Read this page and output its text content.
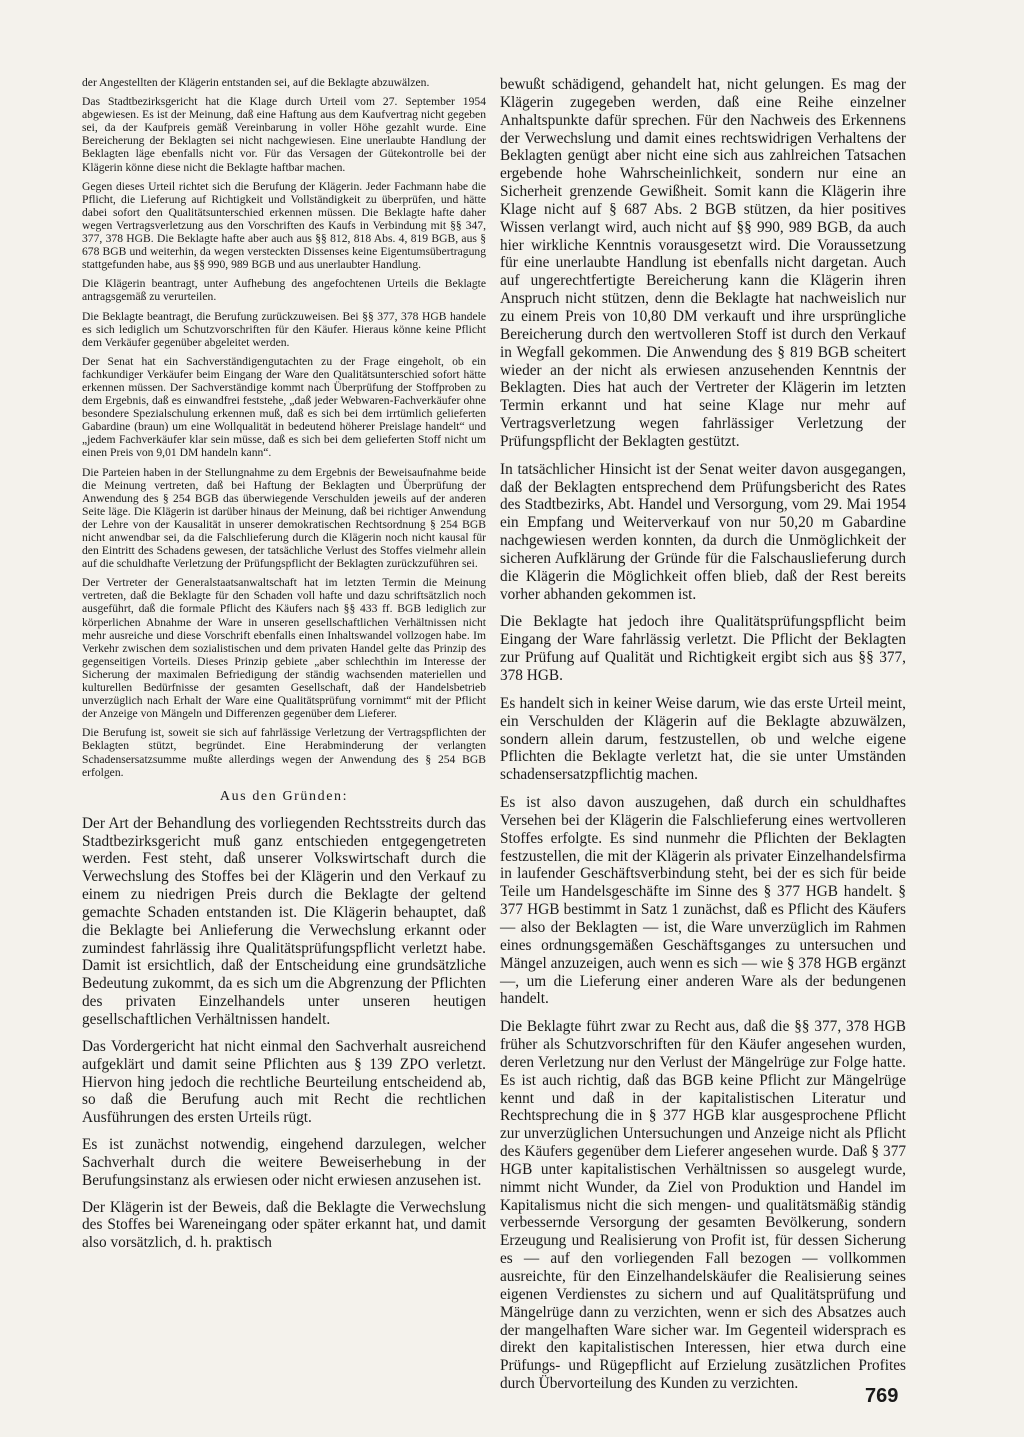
der Angestellten der Klägerin entstanden sei, auf die Beklagte abzuwälzen.

Das Stadtbezirksgericht hat die Klage durch Urteil vom 27. September 1954 abgewiesen. Es ist der Meinung, daß eine Haftung aus dem Kaufvertrag nicht gegeben sei, da der Kaufpreis gemäß Vereinbarung in voller Höhe gezahlt wurde. Eine Bereicherung der Beklagten sei nicht nachgewiesen. Eine unerlaubte Handlung der Beklagten läge ebenfalls nicht vor. Für das Versagen der Gütekontrolle bei der Klägerin könne diese nicht die Beklagte haftbar machen.

Gegen dieses Urteil richtet sich die Berufung der Klägerin. Jeder Fachmann habe die Pflicht, die Lieferung auf Richtigkeit und Vollständigkeit zu überprüfen, und hätte dabei sofort den Qualitätsunterschied erkennen müssen. Die Beklagte hafte daher wegen Vertragsverletzung aus den Vorschriften des Kaufs in Verbindung mit §§ 347, 377, 378 HGB. Die Beklagte hafte aber auch aus §§ 812, 818 Abs. 4, 819 BGB, aus § 678 BGB und weiterhin, da wegen versteckten Dissenses keine Eigentumsübertragung stattgefunden habe, aus §§ 990, 989 BGB und aus unerlaubter Handlung.

Die Klägerin beantragt, unter Aufhebung des angefochtenen Urteils die Beklagte antragsgemäß zu verurteilen.

Die Beklagte beantragt, die Berufung zurückzuweisen. Bei §§ 377, 378 HGB handele es sich lediglich um Schutzvorschriften für den Käufer. Hieraus könne keine Pflicht dem Verkäufer gegenüber abgeleitet werden.

Der Senat hat ein Sachverständigengutachten zu der Frage eingeholt, ob ein fachkundiger Verkäufer beim Eingang der Ware den Qualitätsunterschied sofort hätte erkennen müssen. Der Sachverständige kommt nach Überprüfung der Stoffproben zu dem Ergebnis, daß es einwandfrei feststehe, „daß jeder Webwaren-Fachverkäufer ohne besondere Spezialschulung erkennen muß, daß es sich bei dem irrtümlich gelieferten Gabardine (braun) um eine Wollqualität in bedeutend höherer Preislage handelt“ und „jedem Fachverkäufer klar sein müsse, daß es sich bei dem gelieferten Stoff nicht um einen Preis von 9,01 DM handeln kann“.

Die Parteien haben in der Stellungnahme zu dem Ergebnis der Beweisaufnahme beide die Meinung vertreten, daß bei Haftung der Beklagten und Überprüfung der Anwendung des § 254 BGB das überwiegende Verschulden jeweils auf der anderen Seite läge. Die Klägerin ist darüber hinaus der Meinung, daß bei richtiger Anwendung der Lehre von der Kausalität in unserer demokratischen Rechtsordnung § 254 BGB nicht anwendbar sei, da die Falschlieferung durch die Klägerin noch nicht kausal für den Eintritt des Schadens gewesen, der tatsächliche Verlust des Stoffes vielmehr allein auf die schuldhafte Verletzung der Prüfungspflicht der Beklagten zurückzuführen sei.

Der Vertreter der Generalstaatsanwaltschaft hat im letzten Termin die Meinung vertreten, daß die Beklagte für den Schaden voll hafte und dazu schriftsätzlich noch ausgeführt, daß die formale Pflicht des Käufers nach §§ 433 ff. BGB lediglich zur körperlichen Abnahme der Ware in unseren gesellschaftlichen Verhältnissen nicht mehr ausreiche und diese Vorschrift ebenfalls einen Inhaltswandel vollzogen habe. Im Verkehr zwischen dem sozialistischen und dem privaten Handel gelte das Prinzip des gegenseitigen Vorteils. Dieses Prinzip gebiete „aber schlechthin im Interesse der Sicherung der maximalen Befriedigung der ständig wachsenden materiellen und kulturellen Bedürfnisse der gesamten Gesellschaft, daß der Handelsbetrieb unverzüglich nach Erhalt der Ware eine Qualitätsprüfung vornimmt“ mit der Pflicht der Anzeige von Mängeln und Differenzen gegenüber dem Lieferer.

Die Berufung ist, soweit sie sich auf fahrlässige Verletzung der Vertragspflichten der Beklagten stützt, begründet. Eine Herabminderung der verlangten Schadensersatzsumme mußte allerdings wegen der Anwendung des § 254 BGB erfolgen.

Aus den Gründen:

Der Art der Behandlung des vorliegenden Rechtsstreits durch das Stadtbezirksgericht muß ganz entschieden entgegengetreten werden. Fest steht, daß unserer Volkswirtschaft durch die Verwechslung des Stoffes bei der Klägerin und den Verkauf zu einem zu niedrigen Preis durch die Beklagte der geltend gemachte Schaden entstanden ist. Die Klägerin behauptet, daß die Beklagte bei Anlieferung die Verwechslung erkannt oder zumindest fahrlässig ihre Qualitätsprüfungspflicht verletzt habe. Damit ist ersichtlich, daß der Entscheidung eine grundsätzliche Bedeutung zukommt, da es sich um die Abgrenzung der Pflichten des privaten Einzelhandels unter unseren heutigen gesellschaftlichen Verhältnissen handelt.

Das Vordergericht hat nicht einmal den Sachverhalt ausreichend aufgeklärt und damit seine Pflichten aus § 139 ZPO verletzt. Hiervon hing jedoch die rechtliche Beurteilung entscheidend ab, so daß die Berufung auch mit Recht die rechtlichen Ausführungen des ersten Urteils rügt.

Es ist zunächst notwendig, eingehend darzulegen, welcher Sachverhalt durch die weitere Beweiserhebung in der Berufungsinstanz als erwiesen oder nicht erwiesen anzusehen ist.

Der Klägerin ist der Beweis, daß die Beklagte die Verwechslung des Stoffes bei Wareneingang oder später erkannt hat, und damit also vorsätzlich, d. h. praktisch

bewußt schädigend, gehandelt hat, nicht gelungen. Es mag der Klägerin zugegeben werden, daß eine Reihe einzelner Anhaltspunkte dafür sprechen. Für den Nachweis des Erkennens der Verwechslung und damit eines rechtswidrigen Verhaltens der Beklagten genügt aber nicht eine sich aus zahlreichen Tatsachen ergebende hohe Wahrscheinlichkeit, sondern nur eine an Sicherheit grenzende Gewißheit. Somit kann die Klägerin ihre Klage nicht auf § 687 Abs. 2 BGB stützen, da hier positives Wissen verlangt wird, auch nicht auf §§ 990, 989 BGB, da auch hier wirkliche Kenntnis vorausgesetzt wird. Die Voraussetzung für eine unerlaubte Handlung ist ebenfalls nicht dargetan. Auch auf ungerechtfertigte Bereicherung kann die Klägerin ihren Anspruch nicht stützen, denn die Beklagte hat nachweislich nur zu einem Preis von 10,80 DM verkauft und ihre ursprüngliche Bereicherung durch den wertvolleren Stoff ist durch den Verkauf in Wegfall gekommen. Die Anwendung des § 819 BGB scheitert wieder an der nicht als erwiesen anzusehenden Kenntnis der Beklagten. Dies hat auch der Vertreter der Klägerin im letzten Termin erkannt und hat seine Klage nur mehr auf Vertragsverletzung wegen fahrlässiger Verletzung der Prüfungspflicht der Beklagten gestützt.

In tatsächlicher Hinsicht ist der Senat weiter davon ausgegangen, daß der Beklagten entsprechend dem Prüfungsbericht des Rates des Stadtbezirks, Abt. Handel und Versorgung, vom 29. Mai 1954 ein Empfang und Weiterverkauf von nur 50,20 m Gabardine nachgewiesen werden konnten, da durch die Unmöglichkeit der sicheren Aufklärung der Gründe für die Falschauslieferung durch die Klägerin die Möglichkeit offen blieb, daß der Rest bereits vorher abhanden gekommen ist.

Die Beklagte hat jedoch ihre Qualitätsprüfungspflicht beim Eingang der Ware fahrlässig verletzt. Die Pflicht der Beklagten zur Prüfung auf Qualität und Richtigkeit ergibt sich aus §§ 377, 378 HGB.

Es handelt sich in keiner Weise darum, wie das erste Urteil meint, ein Verschulden der Klägerin auf die Beklagte abzuwälzen, sondern allein darum, festzustellen, ob und welche eigene Pflichten die Beklagte verletzt hat, die sie unter Umständen schadensersatzpflichtig machen.

Es ist also davon auszugehen, daß durch ein schuldhaftes Versehen bei der Klägerin die Falschlieferung eines wertvolleren Stoffes erfolgte. Es sind nunmehr die Pflichten der Beklagten festzustellen, die mit der Klägerin als privater Einzelhandelsfirma in laufender Geschäftsverbindung steht, bei der es sich für beide Teile um Handelsgeschäfte im Sinne des § 377 HGB handelt. § 377 HGB bestimmt in Satz 1 zunächst, daß es Pflicht des Käufers — also der Beklagten — ist, die Ware unverzüglich im Rahmen eines ordnungsgemäßen Geschäftsganges zu untersuchen und Mängel anzuzeigen, auch wenn es sich — wie § 378 HGB ergänzt —, um die Lieferung einer anderen Ware als der bedungenen handelt.

Die Beklagte führt zwar zu Recht aus, daß die §§ 377, 378 HGB früher als Schutzvorschriften für den Käufer angesehen wurden, deren Verletzung nur den Verlust der Mängelrüge zur Folge hatte. Es ist auch richtig, daß das BGB keine Pflicht zur Mängelrüge kennt und daß in der kapitalistischen Literatur und Rechtsprechung die in § 377 HGB klar ausgesprochene Pflicht zur unverzüglichen Untersuchungen und Anzeige nicht als Pflicht des Käufers gegenüber dem Lieferer angesehen wurde. Daß § 377 HGB unter kapitalistischen Verhältnissen so ausgelegt wurde, nimmt nicht Wunder, da Ziel von Produktion und Handel im Kapitalismus nicht die sich mengen- und qualitätsmäßig ständig verbessernde Versorgung der gesamten Bevölkerung, sondern Erzeugung und Realisierung von Profit ist, für dessen Sicherung es — auf den vorliegenden Fall bezogen — vollkommen ausreichte, für den Einzelhandelskäufer die Realisierung seines eigenen Verdienstes zu sichern und auf Qualitätsprüfung und Mängelrüge dann zu verzichten, wenn er sich des Absatzes auch der mangelhaften Ware sicher war. Im Gegenteil widersprach es direkt den kapitalistischen Interessen, hier etwa durch eine Prüfungs- und Rügepflicht auf Erzielung zusätzlichen Profites durch Übervorteilung des Kunden zu verzichten.

769
